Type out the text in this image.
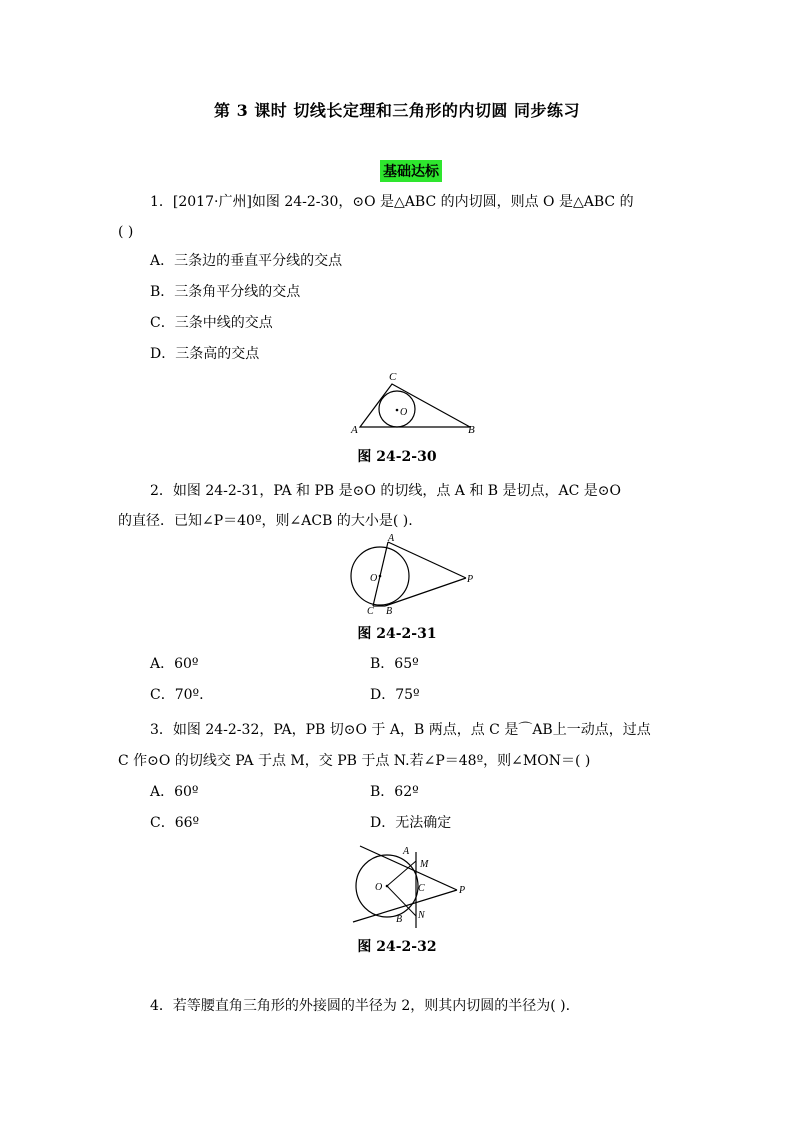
第 3 课时 切线长定理和三角形的内切圆 同步练习
基础达标
1．[2017·广州]如图 24-2-30，⊙O 是△ABC 的内切圆，则点 O 是△ABC 的
( )
A．三条边的垂直平分线的交点
B．三条角平分线的交点
C．三条中线的交点
D．三条高的交点
A	B
C
O
图 24-2-30
2．如图 24-2-31，PA 和 PB 是⊙O 的切线，点 A 和 B 是切点，AC 是⊙O
的直径．已知∠P＝40º，则∠ACB 的大小是( ).
A
B
C
O	P
图 24-2-31
A．60º	B．65º
C．70º.	D．75º
3．如图 24-2-32，PA，PB 切⊙O 于 A，B 两点，点 C 是⌒AB上一动点，过点
C 作⊙O 的切线交 PA 于点 M，交 PB 于点 N.若∠P＝48º，则∠MON＝( )
A．60º	B．62º
C．66º	D．无法确定
A
M
C
O	P
B N
图 24-2-32
4．若等腰直角三角形的外接圆的半径为 2，则其内切圆的半径为( ).
